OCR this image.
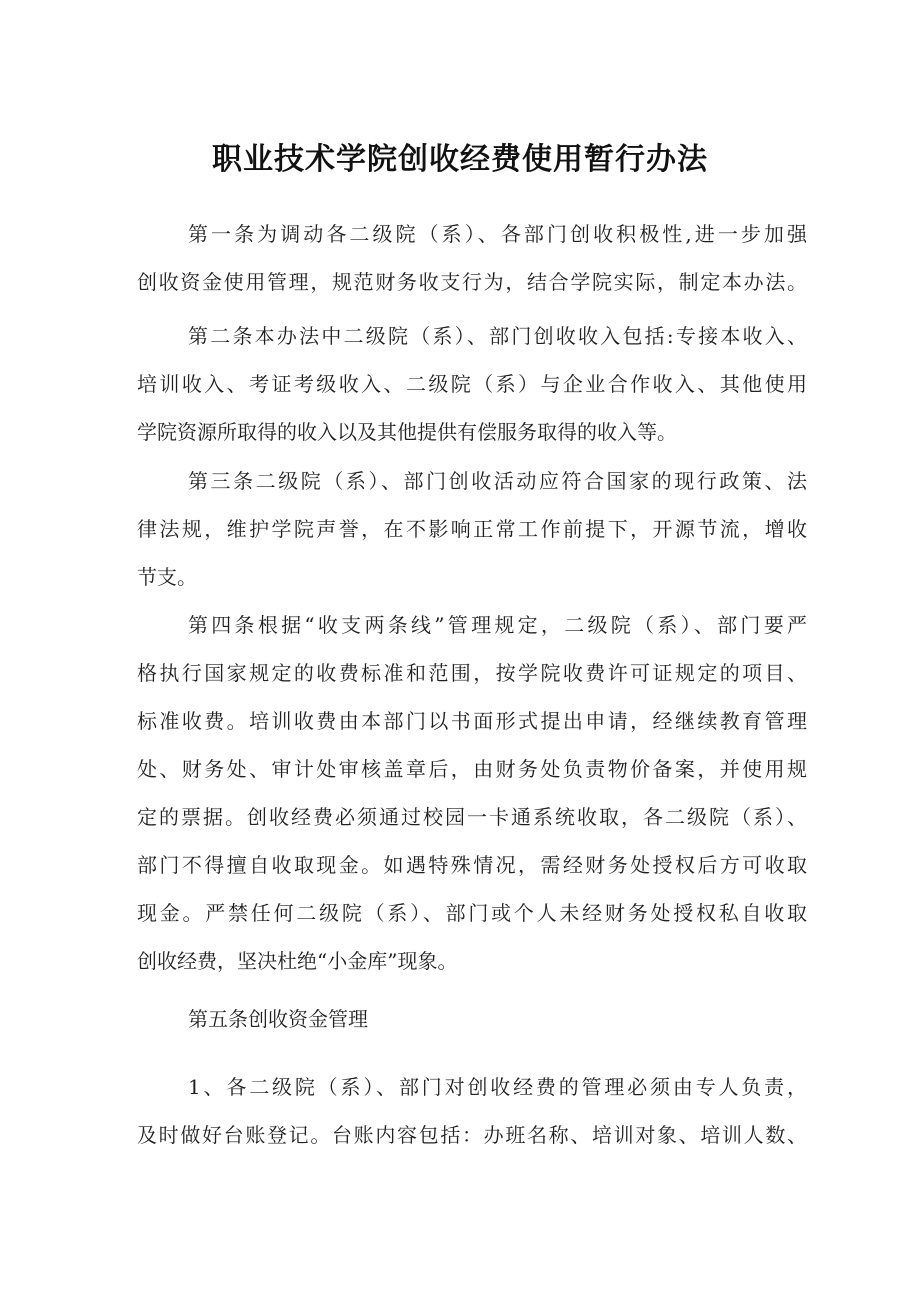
职业技术学院创收经费使用暂行办法
第一条为调动各二级院（系）、各部门创收积极性,进一步加强
创收资金使用管理，规范财务收支行为，结合学院实际，制定本办法。
第二条本办法中二级院（系）、部门创收收入包括:专接本收入、
培训收入、考证考级收入、二级院（系）与企业合作收入、其他使用
学院资源所取得的收入以及其他提供有偿服务取得的收入等。
第三条二级院（系）、部门创收活动应符合国家的现行政策、法
律法规，维护学院声誉，在不影响正常工作前提下，开源节流，增收
节支。
第四条根据“收支两条线”管理规定，二级院（系）、部门要严
格执行国家规定的收费标准和范围，按学院收费许可证规定的项目、
标准收费。培训收费由本部门以书面形式提出申请，经继续教育管理
处、财务处、审计处审核盖章后，由财务处负责物价备案，并使用规
定的票据。创收经费必须通过校园一卡通系统收取，各二级院（系）、
部门不得擅自收取现金。如遇特殊情况，需经财务处授权后方可收取
现金。严禁任何二级院（系）、部门或个人未经财务处授权私自收取
创收经费，坚决杜绝“小金库”现象。
第五条创收资金管理
1、各二级院（系）、部门对创收经费的管理必须由专人负责，
及时做好台账登记。台账内容包括：办班名称、培训对象、培训人数、
